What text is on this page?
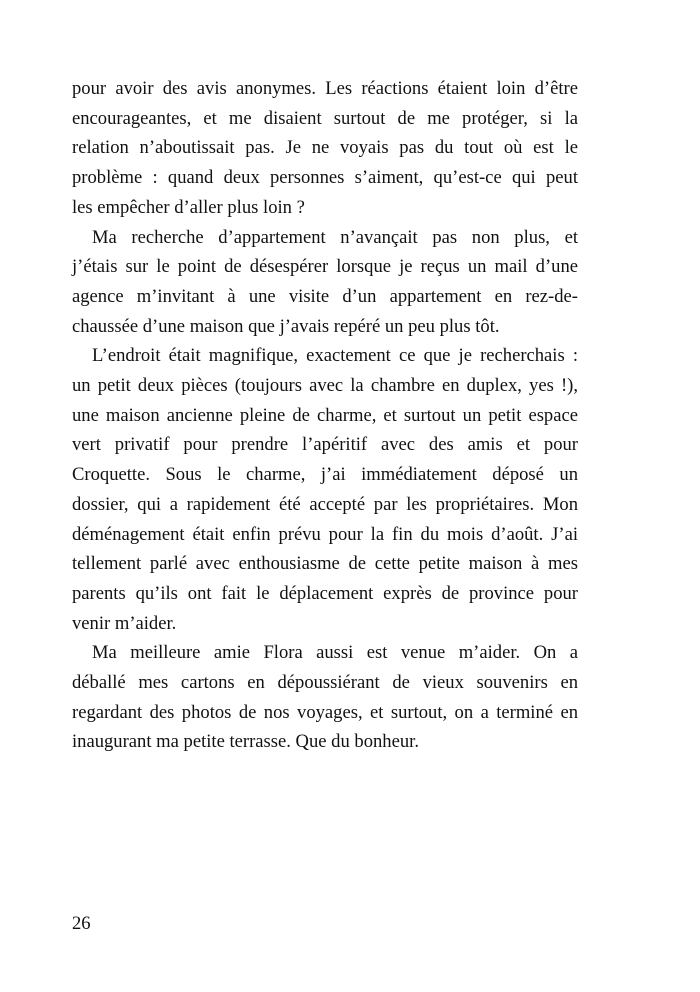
pour avoir des avis anonymes. Les réactions étaient loin d’être
encourageantes, et me disaient surtout de me protéger, si la
relation n’aboutissait pas. Je ne voyais pas du tout où est le
problème : quand deux personnes s’aiment, qu’est-ce qui peut
les empêcher d’aller plus loin ?

Ma recherche d’appartement n’avançait pas non plus, et
j’étais sur le point de désespérer lorsque je reçus un mail d’une
agence m’invitant à une visite d’un appartement en rez-de-
chaussée d’une maison que j’avais repéré un peu plus tôt.

L’endroit était magnifique, exactement ce que je recherchais :
un petit deux pièces (toujours avec la chambre en duplex, yes !),
une maison ancienne pleine de charme, et surtout un petit espace
vert privatif pour prendre l’apéritif avec des amis et pour
Croquette. Sous le charme, j’ai immédiatement déposé un
dossier, qui a rapidement été accepté par les propriétaires. Mon
déménagement était enfin prévu pour la fin du mois d’août. J’ai
tellement parlé avec enthousiasme de cette petite maison à mes
parents qu’ils ont fait le déplacement exprès de province pour
venir m’aider.

Ma meilleure amie Flora aussi est venue m’aider. On a
déballé mes cartons en dépoussiérant de vieux souvenirs en
regardant des photos de nos voyages, et surtout, on a terminé en
inaugurant ma petite terrasse. Que du bonheur.

26
